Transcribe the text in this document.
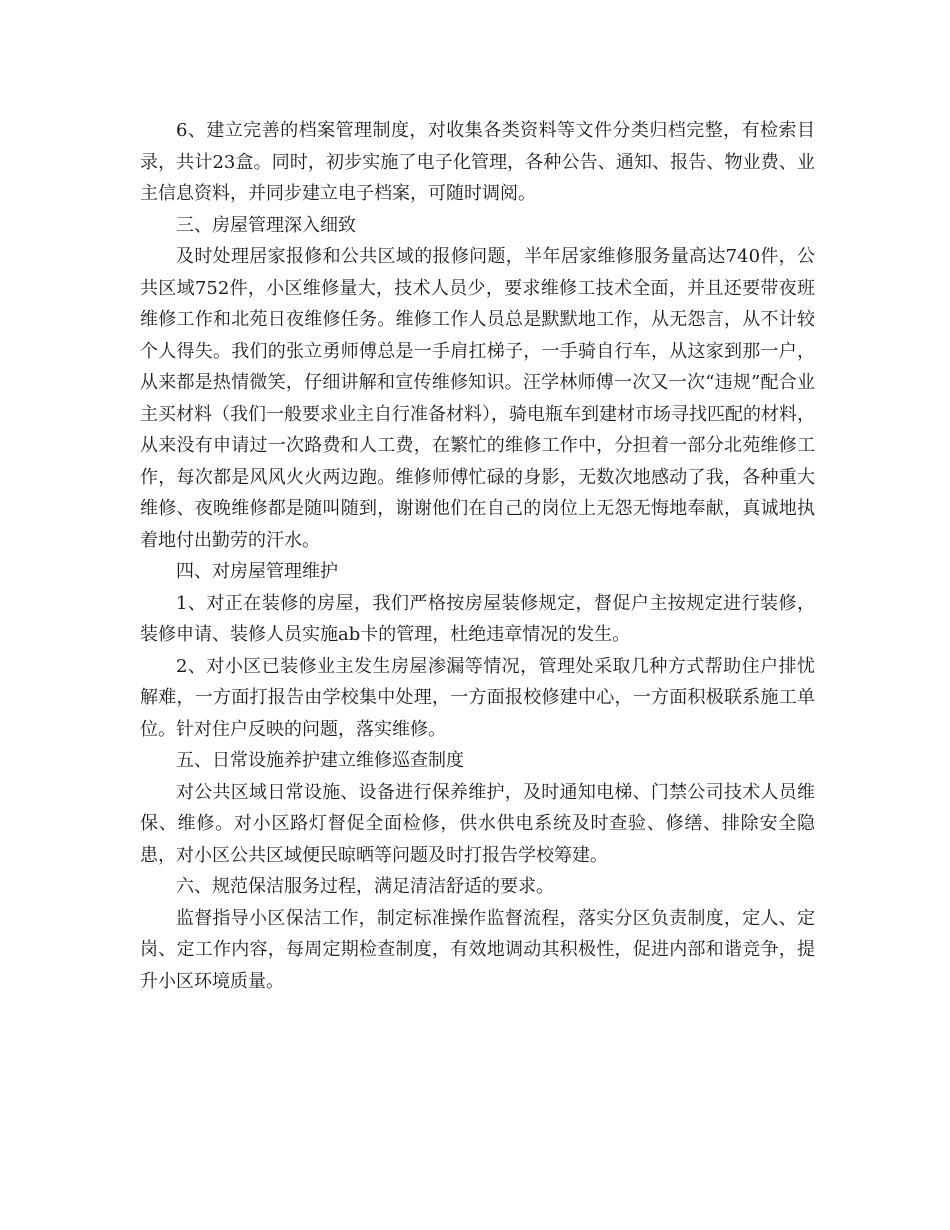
6、建立完善的档案管理制度，对收集各类资料等文件分类归档完整，有检索目录，共计23盒。同时，初步实施了电子化管理，各种公告、通知、报告、物业费、业主信息资料，并同步建立电子档案，可随时调阅。

三、房屋管理深入细致

及时处理居家报修和公共区域的报修问题，半年居家维修服务量高达740件，公共区域752件，小区维修量大，技术人员少，要求维修工技术全面，并且还要带夜班维修工作和北苑日夜维修任务。维修工作人员总是默默地工作，从无怨言，从不计较个人得失。我们的张立勇师傅总是一手肩扛梯子，一手骑自行车，从这家到那一户，从来都是热情微笑，仔细讲解和宣传维修知识。汪学林师傅一次又一次“违规”配合业主买材料（我们一般要求业主自行准备材料），骑电瓶车到建材市场寻找匹配的材料，从来没有申请过一次路费和人工费，在繁忙的维修工作中，分担着一部分北苑维修工作，每次都是风风火火两边跑。维修师傅忙碌的身影，无数次地感动了我，各种重大维修、夜晚维修都是随叫随到，谢谢他们在自己的岗位上无怨无悔地奉献，真诚地执着地付出勤劳的汗水。

四、对房屋管理维护

1、对正在装修的房屋，我们严格按房屋装修规定，督促户主按规定进行装修，装修申请、装修人员实施ab卡的管理，杜绝违章情况的发生。

2、对小区已装修业主发生房屋渗漏等情况，管理处采取几种方式帮助住户排忧解难，一方面打报告由学校集中处理，一方面报校修建中心，一方面积极联系施工单位。针对住户反映的问题，落实维修。

五、日常设施养护建立维修巡查制度

对公共区域日常设施、设备进行保养维护，及时通知电梯、门禁公司技术人员维保、维修。对小区路灯督促全面检修，供水供电系统及时查验、修缮、排除安全隐患，对小区公共区域便民晾晒等问题及时打报告学校筹建。

六、规范保洁服务过程，满足清洁舒适的要求。

监督指导小区保洁工作，制定标准操作监督流程，落实分区负责制度，定人、定岗、定工作内容，每周定期检查制度，有效地调动其积极性，促进内部和谐竞争，提升小区环境质量。
